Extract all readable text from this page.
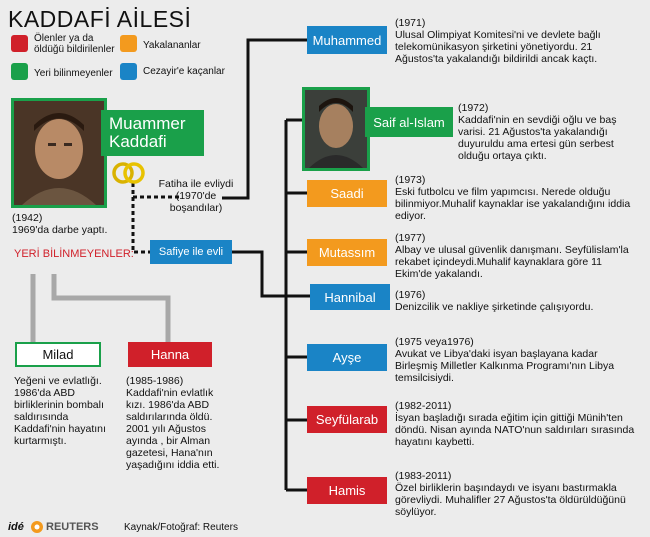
KADDAFİ AİLESİ
Ölenler ya da öldüğü bildirilenler	Yakalananlar
Yeri bilinmeyenler	Cezayir'e kaçanlar
Muammer Kaddafi
(1942)
1969'da darbe yaptı.
Fatiha ile evliydi (1970'de boşandılar)
Safiye ile evli
YERİ BİLİNMEYENLER:
Milad
Yeğeni ve evlatlığı. 1986'da ABD birliklerinin bombalı saldırısında Kaddafi'nin hayatını kurtarmıştı.
Hanna
(1985-1986)
Kaddafi'nin evlatlık kızı. 1986'da ABD saldırılarında öldü. 2001 yılı Ağustos ayında , bir Alman gazetesi, Hana'nın yaşadığını iddia etti.
Muhammed
(1971)
Ulusal Olimpiyat Komitesi'ni ve devlete bağlı telekomünikasyon şirketini yönetiyordu. 21 Ağustos'ta yakalandığı bildirildi ancak kaçtı.
Saif al-Islam
(1972)
Kaddafi'nin en sevdiği oğlu ve baş varisi. 21 Ağustos'ta yakalandığı duyuruldu ama ertesi gün serbest olduğu ortaya çıktı.
Saadi
(1973)
Eski futbolcu ve film yapımcısı. Nerede olduğu bilinmiyor.Muhalif kaynaklar ise yakalandığını iddia ediyor.
Mutassım
(1977)
Albay ve ulusal güvenlik danışmanı. Seyfülislam'la rekabet içindeydi.Muhalif kaynaklara göre 11 Ekim'de yakalandı.
Hannibal (1976)
Denizcilik ve nakliye şirketinde çalışıyordu.
Ayşe
(1975 veya1976)
Avukat ve Libya'daki isyan başlayana kadar Birleşmiş Milletler Kalkınma Programı'nın Libya temsilcisiydi.
Seyfülarab
(1982-2011)
İsyan başladığı sırada eğitim için gittiği Münih'ten döndü. Nisan ayında NATO'nun saldırıları sırasında hayatını kaybetti.
Hamis
(1983-2011)
Özel birliklerin başındaydı ve isyanı bastırmakla görevliydi. Muhalifler 27 Ağustos'ta öldürüldüğünü söylüyor.
idé REUTERS	Kaynak/Fotoğraf: Reuters
